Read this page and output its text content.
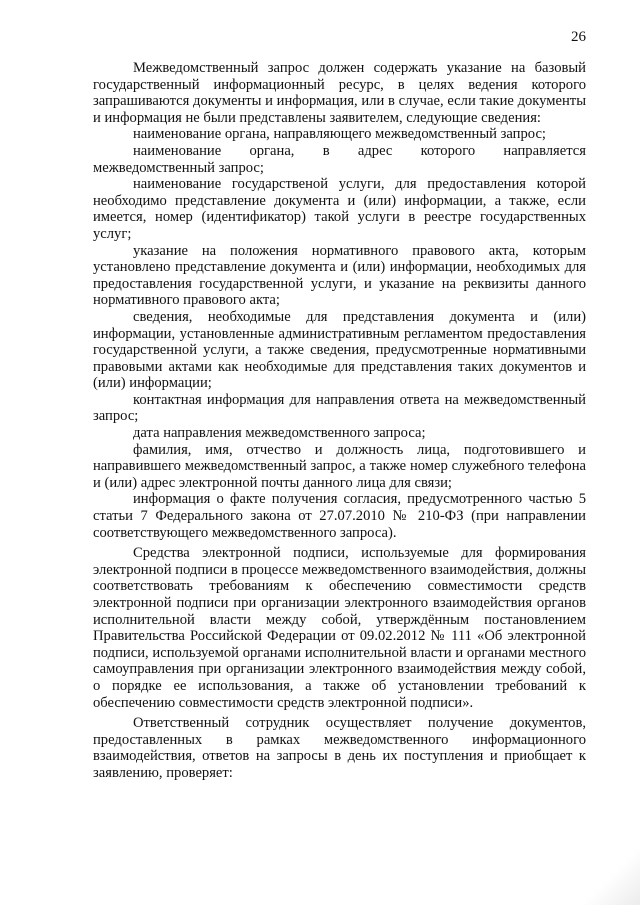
26

Межведомственный запрос должен содержать указание на базовый государственный информационный ресурс, в целях ведения которого запрашиваются документы и информация, или в случае, если такие документы и информация не были представлены заявителем, следующие сведения:

наименование органа, направляющего межведомственный запрос;

наименование органа, в адрес которого направляется межведомственный запрос;

наименование государственой услуги, для предоставления которой необходимо представление документа и (или) информации, а также, если имеется, номер (идентификатор) такой услуги в реестре государственных услуг;

указание на положения нормативного правового акта, которым установлено представление документа и (или) информации, необходимых для предоставления государственной услуги, и указание на реквизиты данного нормативного правового акта;

сведения, необходимые для представления документа и (или) информации, установленные административным регламентом предоставления государственной услуги, а также сведения, предусмотренные нормативными правовыми актами как необходимые для представления таких документов и (или) информации;

контактная информация для направления ответа на межведомственный запрос;

дата направления межведомственного запроса;

фамилия, имя, отчество и должность лица, подготовившего и направившего межведомственный запрос, а также номер служебного телефона и (или) адрес электронной почты данного лица для связи;

информация о факте получения согласия, предусмотренного частью 5 статьи 7 Федерального закона от 27.07.2010 № 210-ФЗ (при направлении соответствующего межведомственного запроса).

Средства электронной подписи, используемые для формирования электронной подписи в процессе межведомственного взаимодействия, должны соответствовать требованиям к обеспечению совместимости средств электронной подписи при организации электронного взаимодействия органов исполнительной власти между собой, утверждённым постановлением Правительства Российской Федерации от 09.02.2012 № 111 «Об электронной подписи, используемой органами исполнительной власти и органами местного самоуправления при организации электронного взаимодействия между собой, о порядке ее использования, а также об установлении требований к обеспечению совместимости средств электронной подписи».

Ответственный сотрудник осуществляет получение документов, предоставленных в рамках межведомственного информационного взаимодействия, ответов на запросы в день их поступления и приобщает к заявлению, проверяет:
